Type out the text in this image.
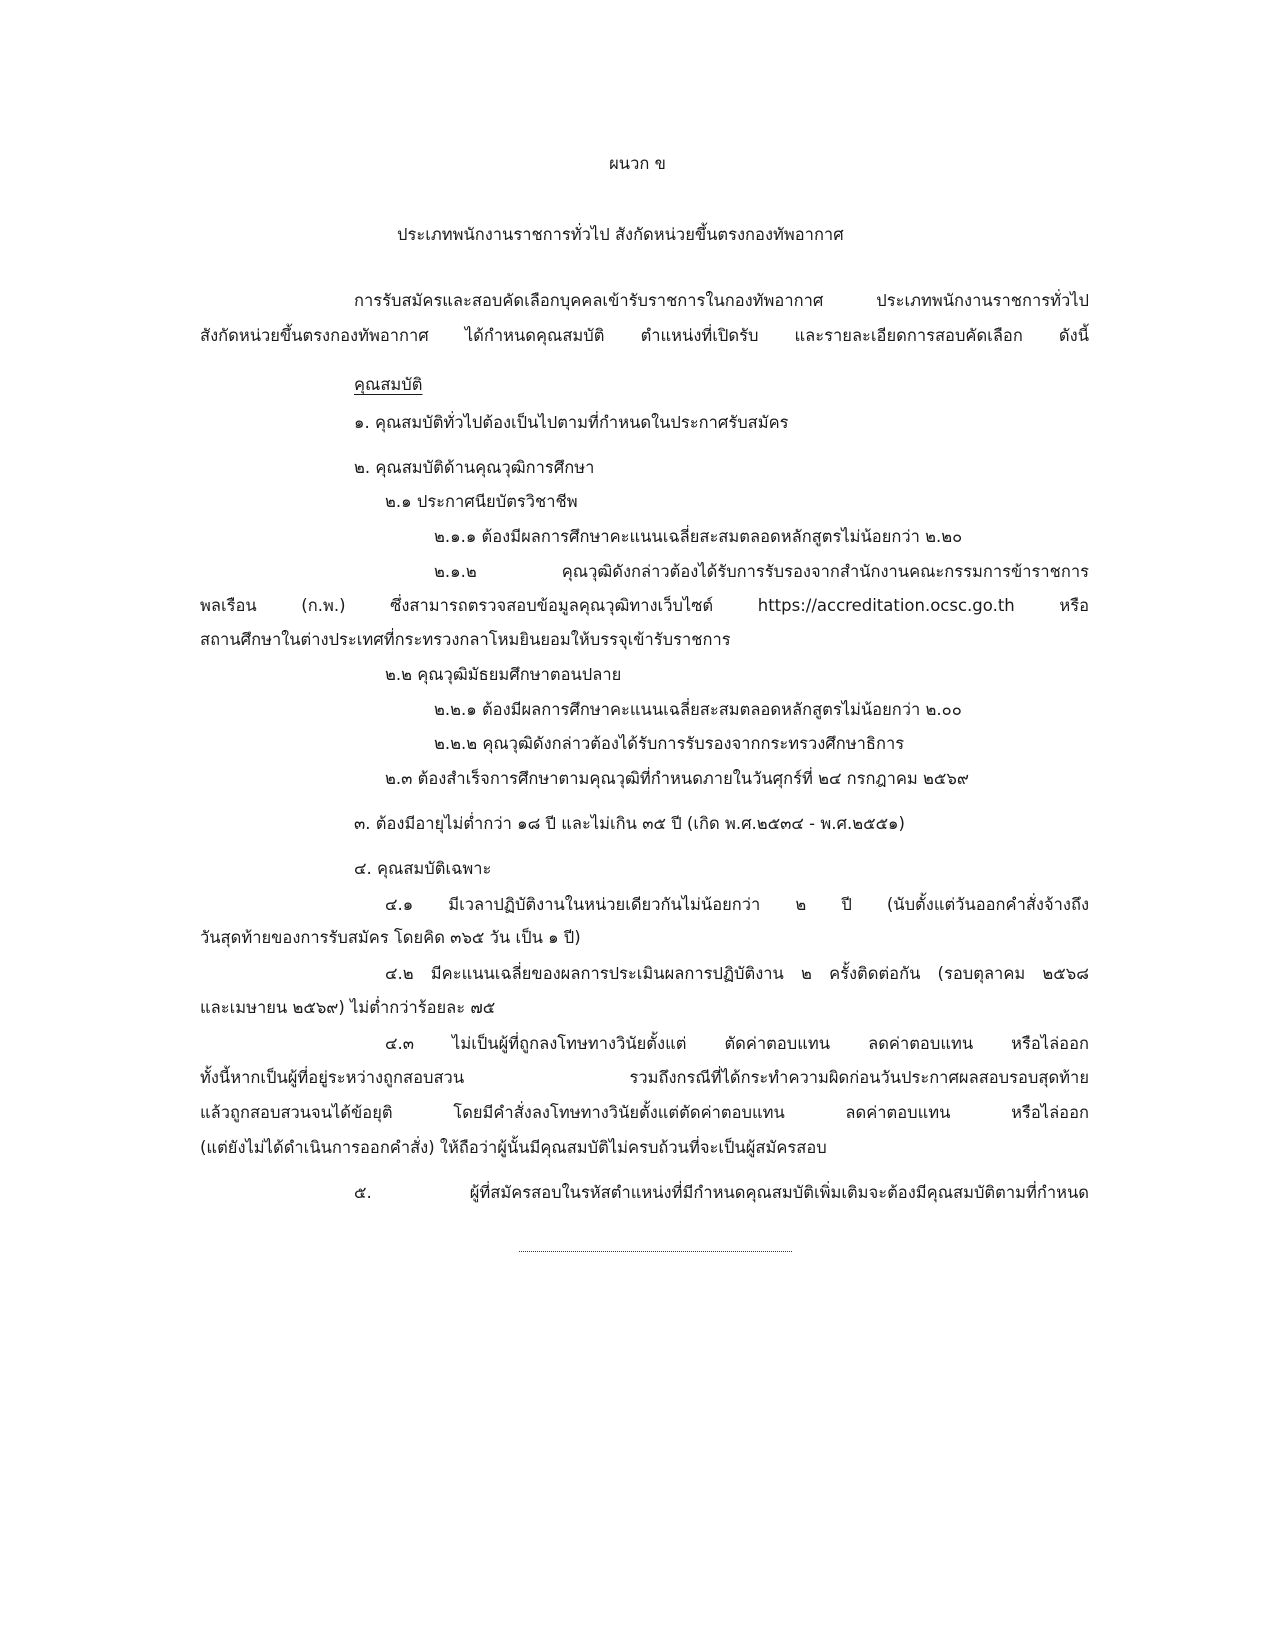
ผนวก ข

ประเภทพนักงานราชการทั่วไป สังกัดหน่วยขึ้นตรงกองทัพอากาศ

การรับสมัครและสอบคัดเลือกบุคคลเข้ารับราชการในกองทัพอากาศ ประเภทพนักงานราชการทั่วไป

สังกัดหน่วยขึ้นตรงกองทัพอากาศ ได้กำหนดคุณสมบัติ ตำแหน่งที่เปิดรับ และรายละเอียดการสอบคัดเลือก ดังนี้

คุณสมบัติ

๑. คุณสมบัติทั่วไปต้องเป็นไปตามที่กำหนดในประกาศรับสมัคร

๒. คุณสมบัติด้านคุณวุฒิการศึกษา

๒.๑ ประกาศนียบัตรวิชาชีพ

๒.๑.๑ ต้องมีผลการศึกษาคะแนนเฉลี่ยสะสมตลอดหลักสูตรไม่น้อยกว่า ๒.๒๐

๒.๑.๒ คุณวุฒิดังกล่าวต้องได้รับการรับรองจากสำนักงานคณะกรรมการข้าราชการ

พลเรือน (ก.พ.) ซึ่งสามารถตรวจสอบข้อมูลคุณวุฒิทางเว็บไซต์ https://accreditation.ocsc.go.th หรือ

สถานศึกษาในต่างประเทศที่กระทรวงกลาโหมยินยอมให้บรรจุเข้ารับราชการ

๒.๒ คุณวุฒิมัธยมศึกษาตอนปลาย

๒.๒.๑ ต้องมีผลการศึกษาคะแนนเฉลี่ยสะสมตลอดหลักสูตรไม่น้อยกว่า ๒.๐๐

๒.๒.๒ คุณวุฒิดังกล่าวต้องได้รับการรับรองจากกระทรวงศึกษาธิการ

๒.๓ ต้องสำเร็จการศึกษาตามคุณวุฒิที่กำหนดภายในวันศุกร์ที่ ๒๔ กรกฎาคม ๒๕๖๙

๓. ต้องมีอายุไม่ต่ำกว่า ๑๘ ปี และไม่เกิน ๓๕ ปี (เกิด พ.ศ.๒๕๓๔ - พ.ศ.๒๕๕๑)

๔. คุณสมบัติเฉพาะ

๔.๑ มีเวลาปฏิบัติงานในหน่วยเดียวกันไม่น้อยกว่า ๒ ปี (นับตั้งแต่วันออกคำสั่งจ้างถึง

วันสุดท้ายของการรับสมัคร โดยคิด ๓๖๕ วัน เป็น ๑ ปี)

๔.๒ มีคะแนนเฉลี่ยของผลการประเมินผลการปฏิบัติงาน ๒ ครั้งติดต่อกัน (รอบตุลาคม ๒๕๖๘

และเมษายน ๒๕๖๙) ไม่ต่ำกว่าร้อยละ ๗๕

๔.๓ ไม่เป็นผู้ที่ถูกลงโทษทางวินัยตั้งแต่ ตัดค่าตอบแทน ลดค่าตอบแทน หรือไล่ออก

ทั้งนี้หากเป็นผู้ที่อยู่ระหว่างถูกสอบสวน รวมถึงกรณีที่ได้กระทำความผิดก่อนวันประกาศผลสอบรอบสุดท้าย

แล้วถูกสอบสวนจนได้ข้อยุติ โดยมีคำสั่งลงโทษทางวินัยตั้งแต่ตัดค่าตอบแทน ลดค่าตอบแทน หรือไล่ออก

(แต่ยังไม่ได้ดำเนินการออกคำสั่ง) ให้ถือว่าผู้นั้นมีคุณสมบัติไม่ครบถ้วนที่จะเป็นผู้สมัครสอบ

๕. ผู้ที่สมัครสอบในรหัสตำแหน่งที่มีกำหนดคุณสมบัติเพิ่มเติมจะต้องมีคุณสมบัติตามที่กำหนด
